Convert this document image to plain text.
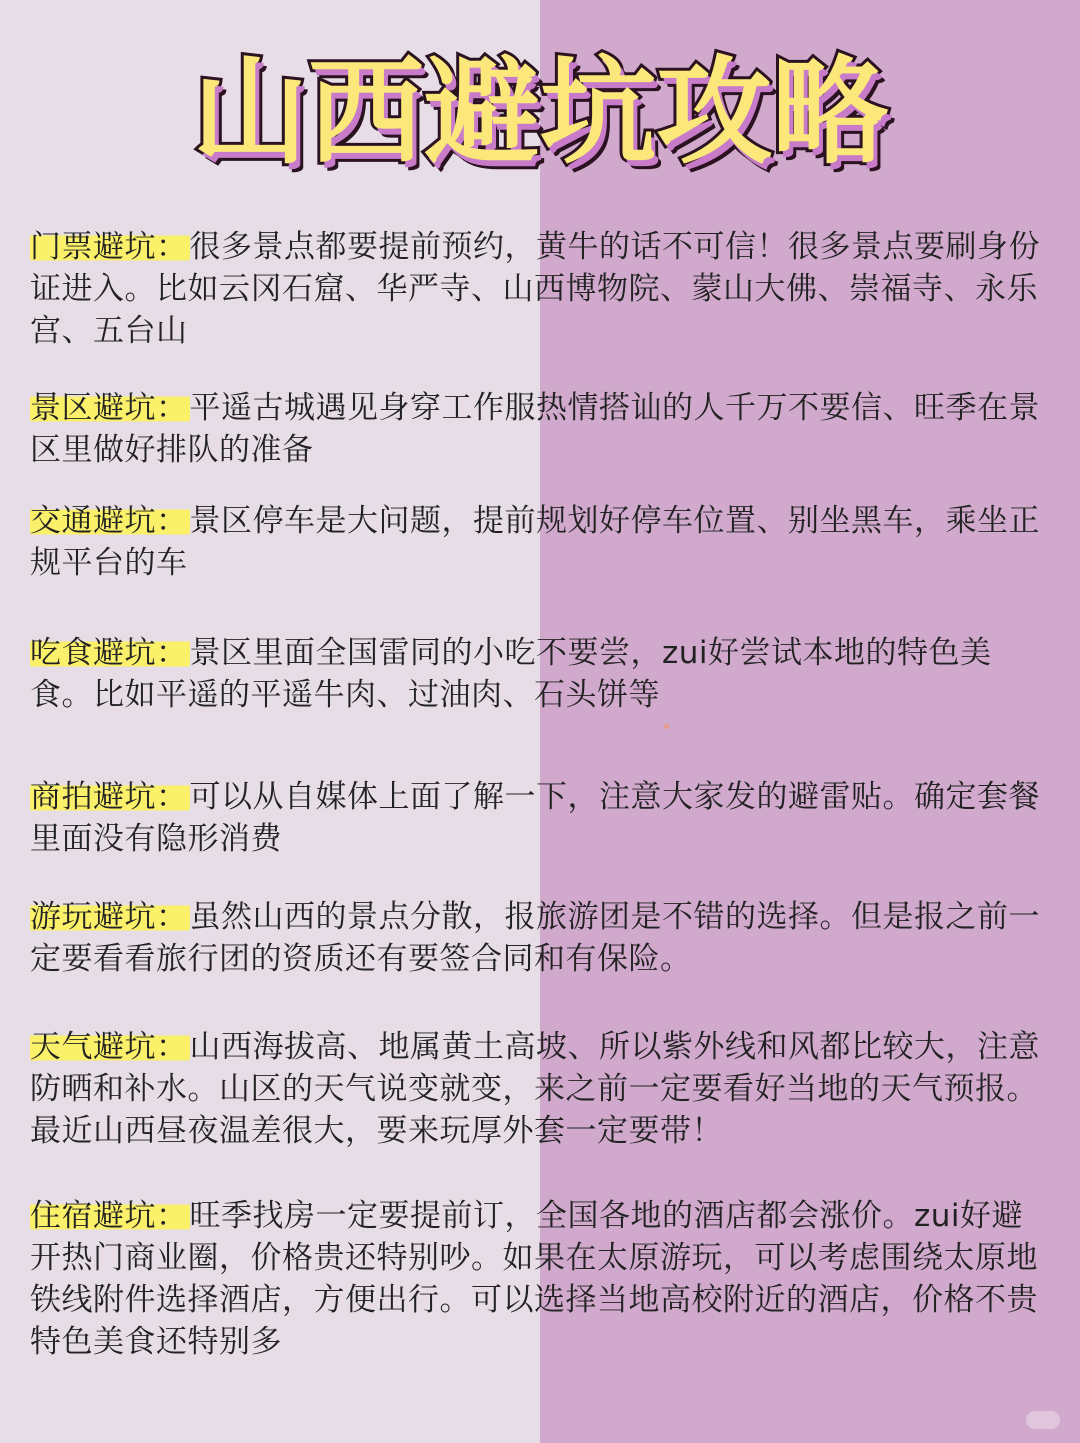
山西避坑攻略
门票避坑：很多景点都要提前预约，黄牛的话不可信！很多景点要刷身份证进入。比如云冈石窟、华严寺、山西博物院、蒙山大佛、崇福寺、永乐宫、五台山
景区避坑：平遥古城遇见身穿工作服热情搭讪的人千万不要信、旺季在景区里做好排队的准备
交通避坑：景区停车是大问题，提前规划好停车位置、别坐黑车，乘坐正规平台的车
吃食避坑：景区里面全国雷同的小吃不要尝，zui好尝试本地的特色美食。比如平遥的平遥牛肉、过油肉、石头饼等
商拍避坑：可以从自媒体上面了解一下，注意大家发的避雷贴。确定套餐里面没有隐形消费
游玩避坑：虽然山西的景点分散，报旅游团是不错的选择。但是报之前一定要看看旅行团的资质还有要签合同和有保险。
天气避坑：山西海拔高、地属黄土高坡、所以紫外线和风都比较大，注意防晒和补水。山区的天气说变就变，来之前一定要看好当地的天气预报。最近山西昼夜温差很大，要来玩厚外套一定要带！
住宿避坑：旺季找房一定要提前订，全国各地的酒店都会涨价。zui好避开热门商业圈，价格贵还特别吵。如果在太原游玩，可以考虑围绕太原地铁线附件选择酒店，方便出行。可以选择当地高校附近的酒店，价格不贵特色美食还特别多
